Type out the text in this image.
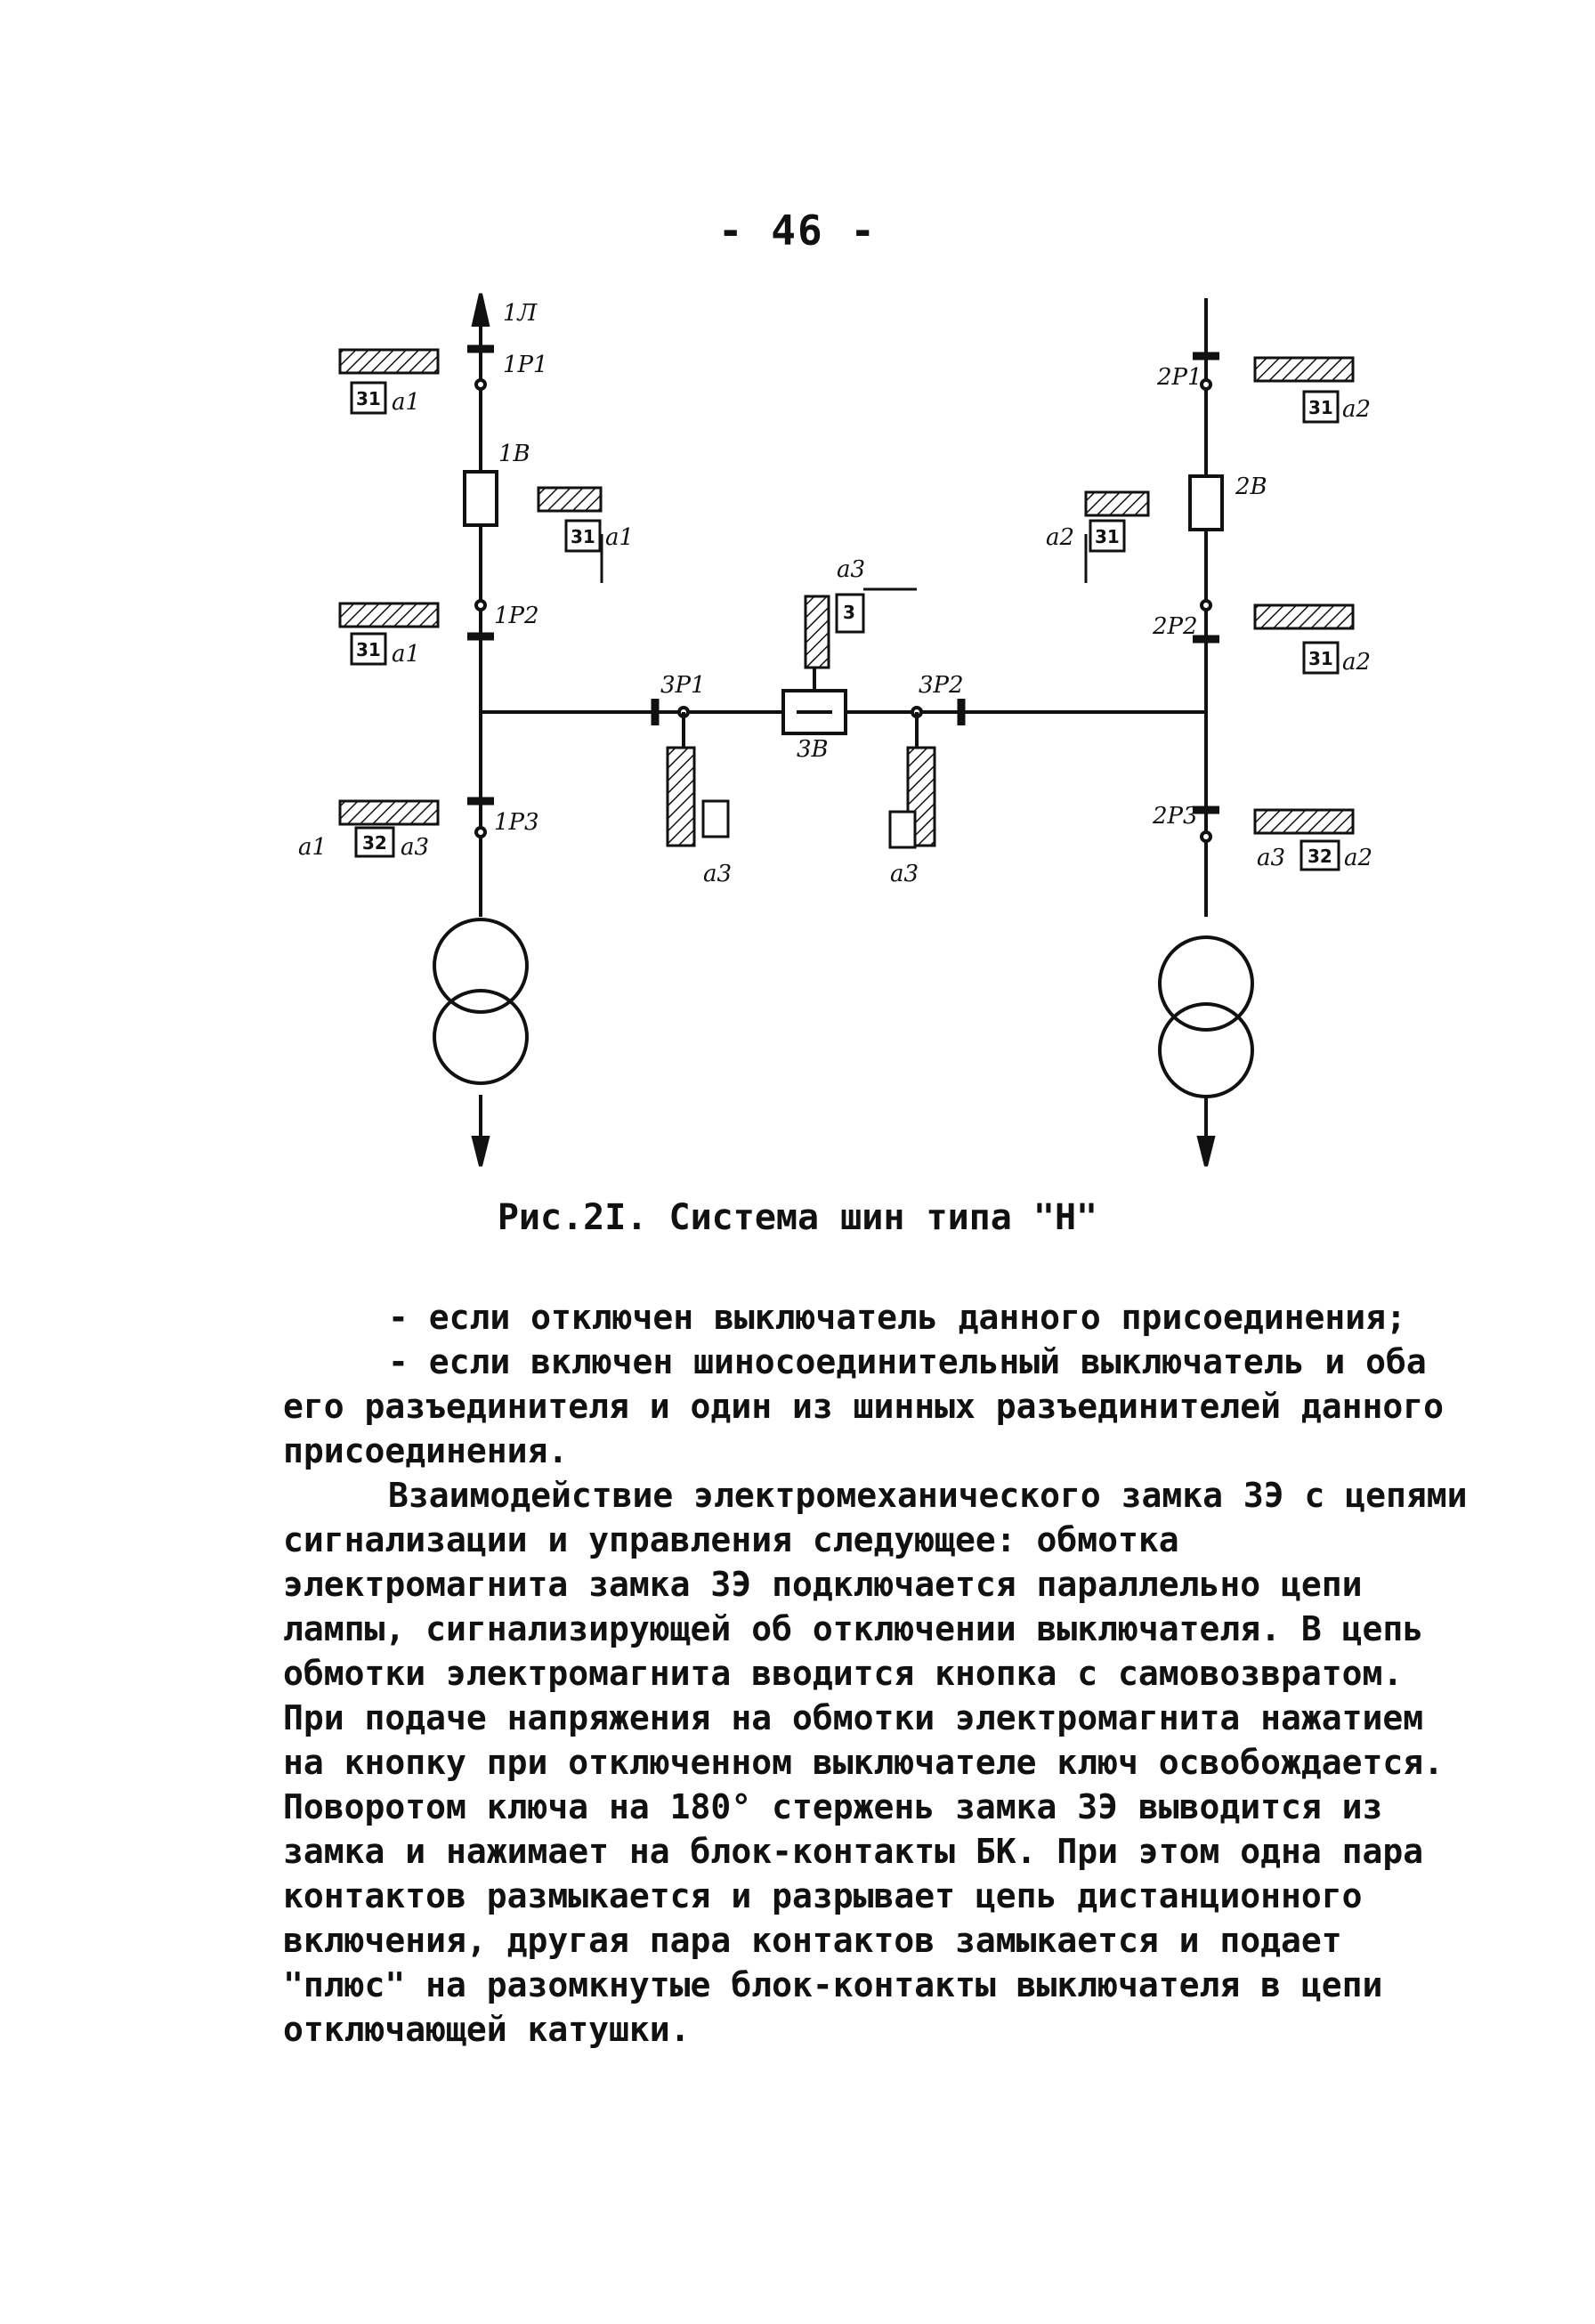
- 46 -
1Л
1Р1
1В
1Р2
1Р3
2Р1
2В
2Р2
2Р3
3Р1	3Р2
3В
31
31
31
32
31
31
31
32
3
а1
а1
а1
а1	а3
а2
а2
а2
а3	а2
а3
а3	а3
Рис.2I. Система шин типа "Н"

- если отключен выключатель данного присоединения;

- если включен шиносоединительный выключатель и оба его разъединителя и один из шинных разъединителей данного присоединения.

Взаимодействие электромеханического замка ЗЭ с цепями сигнализации и управления следующее: обмотка электромагнита замка ЗЭ подключается параллельно цепи лампы, сигнализирующей об отключении выключателя. В цепь обмотки электромагнита вводится кнопка с самовозвратом. При подаче напряжения на обмотки электромагнита нажатием на кнопку при отключенном выключателе ключ освобождается. Поворотом ключа на 180° стержень замка ЗЭ выводится из замка и нажимает на блок-контакты БК. При этом одна пара контактов размыкается и разрывает цепь дистанционного включения, другая пара контактов замыкается и подает "плюс" на разомкнутые блок-контакты выключателя в цепи отключающей катушки.
